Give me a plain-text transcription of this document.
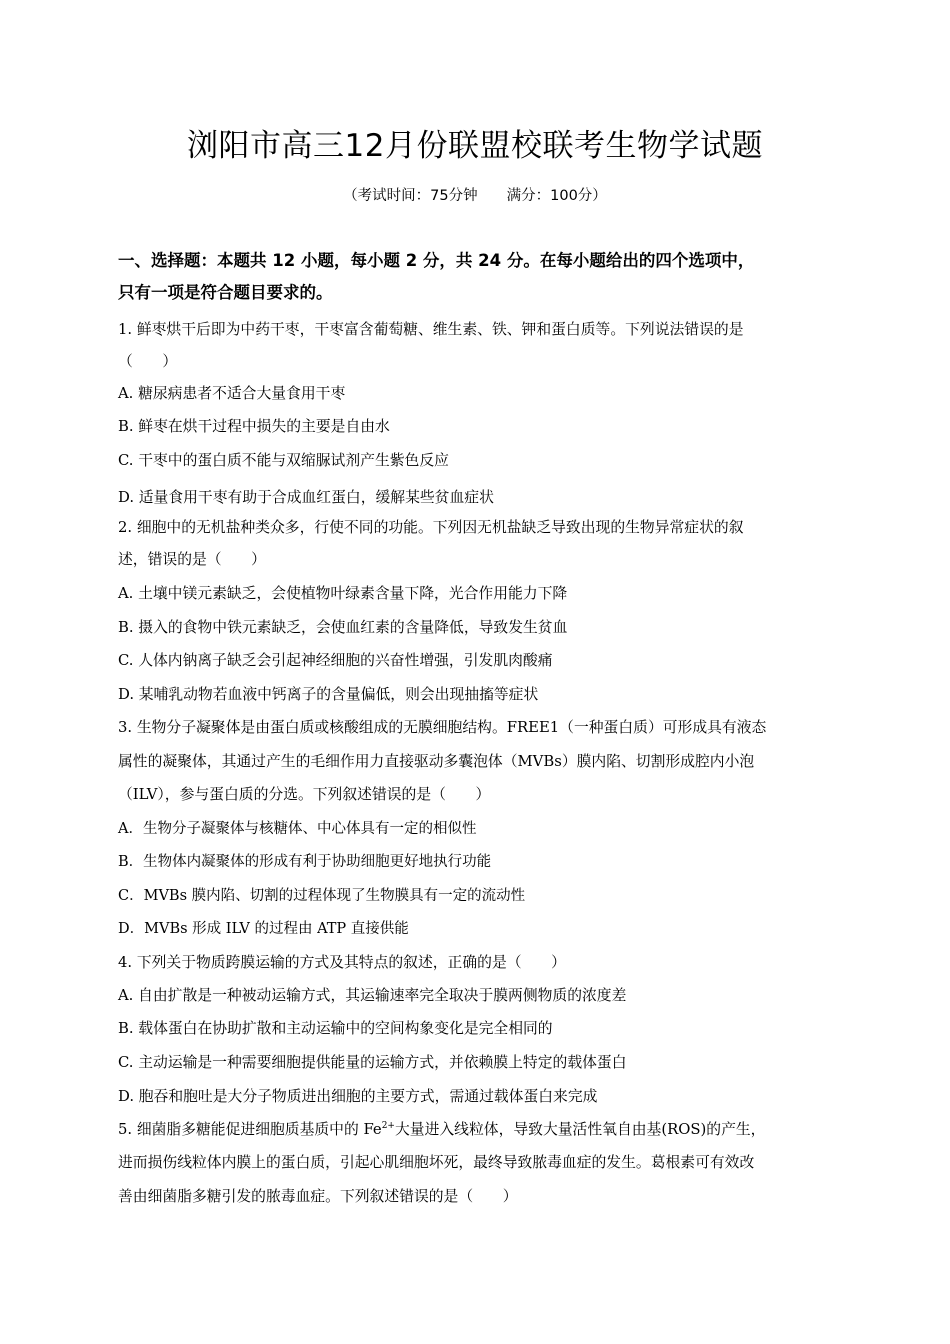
浏阳市高三12月份联盟校联考生物学试题
（考试时间：75分钟　　满分：100分）
一、选择题：本题共 12 小题，每小题 2 分，共 24 分。在每小题给出的四个选项中，
只有一项是符合题目要求的。
1. 鲜枣烘干后即为中药干枣，干枣富含葡萄糖、维生素、铁、钾和蛋白质等。下列说法错误的是
（　　）
A. 糖尿病患者不适合大量食用干枣
B. 鲜枣在烘干过程中损失的主要是自由水
C. 干枣中的蛋白质不能与双缩脲试剂产生紫色反应
D. 适量食用干枣有助于合成血红蛋白，缓解某些贫血症状
2. 细胞中的无机盐种类众多，行使不同的功能。下列因无机盐缺乏导致出现的生物异常症状的叙
述，错误的是（　　）
A. 土壤中镁元素缺乏，会使植物叶绿素含量下降，光合作用能力下降
B. 摄入的食物中铁元素缺乏，会使血红素的含量降低，导致发生贫血
C. 人体内钠离子缺乏会引起神经细胞的兴奋性增强，引发肌肉酸痛
D. 某哺乳动物若血液中钙离子的含量偏低，则会出现抽搐等症状
3. 生物分子凝聚体是由蛋白质或核酸组成的无膜细胞结构。FREE1（一种蛋白质）可形成具有液态
属性的凝聚体，其通过产生的毛细作用力直接驱动多囊泡体（MVBs）膜内陷、切割形成腔内小泡
（ILV），参与蛋白质的分选。下列叙述错误的是（　　）
A．生物分子凝聚体与核糖体、中心体具有一定的相似性
B．生物体内凝聚体的形成有利于协助细胞更好地执行功能
C．MVBs 膜内陷、切割的过程体现了生物膜具有一定的流动性
D．MVBs 形成 ILV 的过程由 ATP 直接供能
4. 下列关于物质跨膜运输的方式及其特点的叙述，正确的是（　　）
A. 自由扩散是一种被动运输方式，其运输速率完全取决于膜两侧物质的浓度差
B. 载体蛋白在协助扩散和主动运输中的空间构象变化是完全相同的
C. 主动运输是一种需要细胞提供能量的运输方式，并依赖膜上特定的载体蛋白
D. 胞吞和胞吐是大分子物质进出细胞的主要方式，需通过载体蛋白来完成
5. 细菌脂多糖能促进细胞质基质中的 $Fe^{2+}$大量进入线粒体，导致大量活性氧自由基(ROS)的产生，
进而损伤线粒体内膜上的蛋白质，引起心肌细胞坏死，最终导致脓毒血症的发生。葛根素可有效改
善由细菌脂多糖引发的脓毒血症。下列叙述错误的是（　　）
